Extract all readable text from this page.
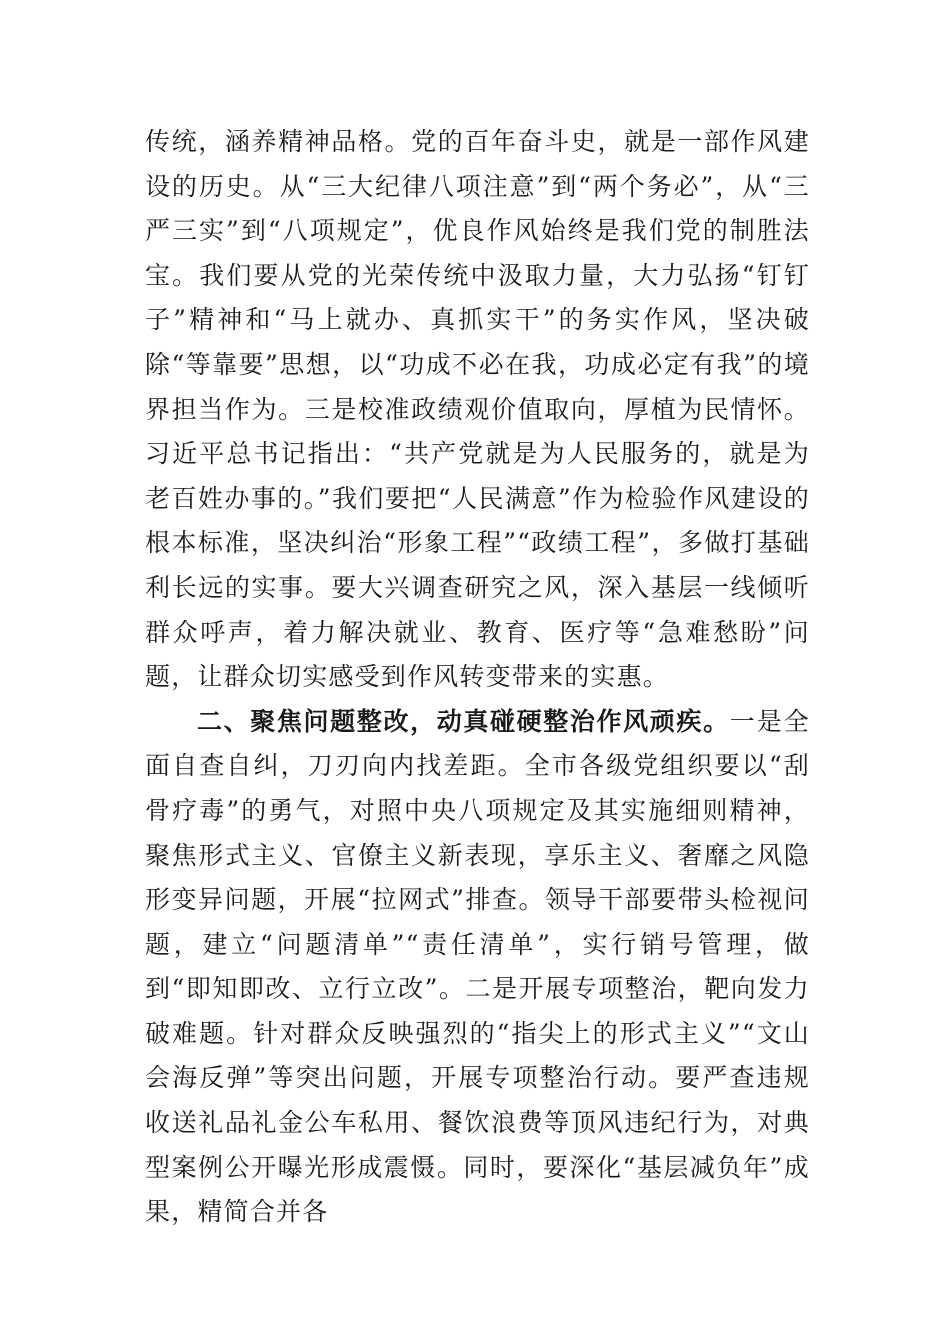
传统，涵养精神品格。党的百年奋斗史，就是一部作风建设的历史。从“三大纪律八项注意”到“两个务必”，从“三严三实”到“八项规定”，优良作风始终是我们党的制胜法宝。我们要从党的光荣传统中汲取力量，大力弘扬“钉钉子”精神和“马上就办、真抓实干”的务实作风，坚决破除“等靠要”思想，以“功成不必在我，功成必定有我”的境界担当作为。三是校准政绩观价值取向，厚植为民情怀。习近平总书记指出：“共产党就是为人民服务的，就是为老百姓办事的。”我们要把“人民满意”作为检验作风建设的根本标准，坚决纠治“形象工程”“政绩工程”，多做打基础利长远的实事。要大兴调查研究之风，深入基层一线倾听群众呼声，着力解决就业、教育、医疗等“急难愁盼”问题，让群众切实感受到作风转变带来的实惠。

二、聚焦问题整改，动真碰硬整治作风顽疾。一是全面自查自纠，刀刃向内找差距。全市各级党组织要以“刮骨疗毒”的勇气，对照中央八项规定及其实施细则精神，聚焦形式主义、官僚主义新表现，享乐主义、奢靡之风隐形变异问题，开展“拉网式”排查。领导干部要带头检视问题，建立“问题清单”“责任清单”，实行销号管理，做到“即知即改、立行立改”。二是开展专项整治，靶向发力破难题。针对群众反映强烈的“指尖上的形式主义”“文山会海反弹”等突出问题，开展专项整治行动。要严查违规收送礼品礼金公车私用、餐饮浪费等顶风违纪行为，对典型案例公开曝光形成震慑。同时，要深化“基层减负年”成果，精简合并各
